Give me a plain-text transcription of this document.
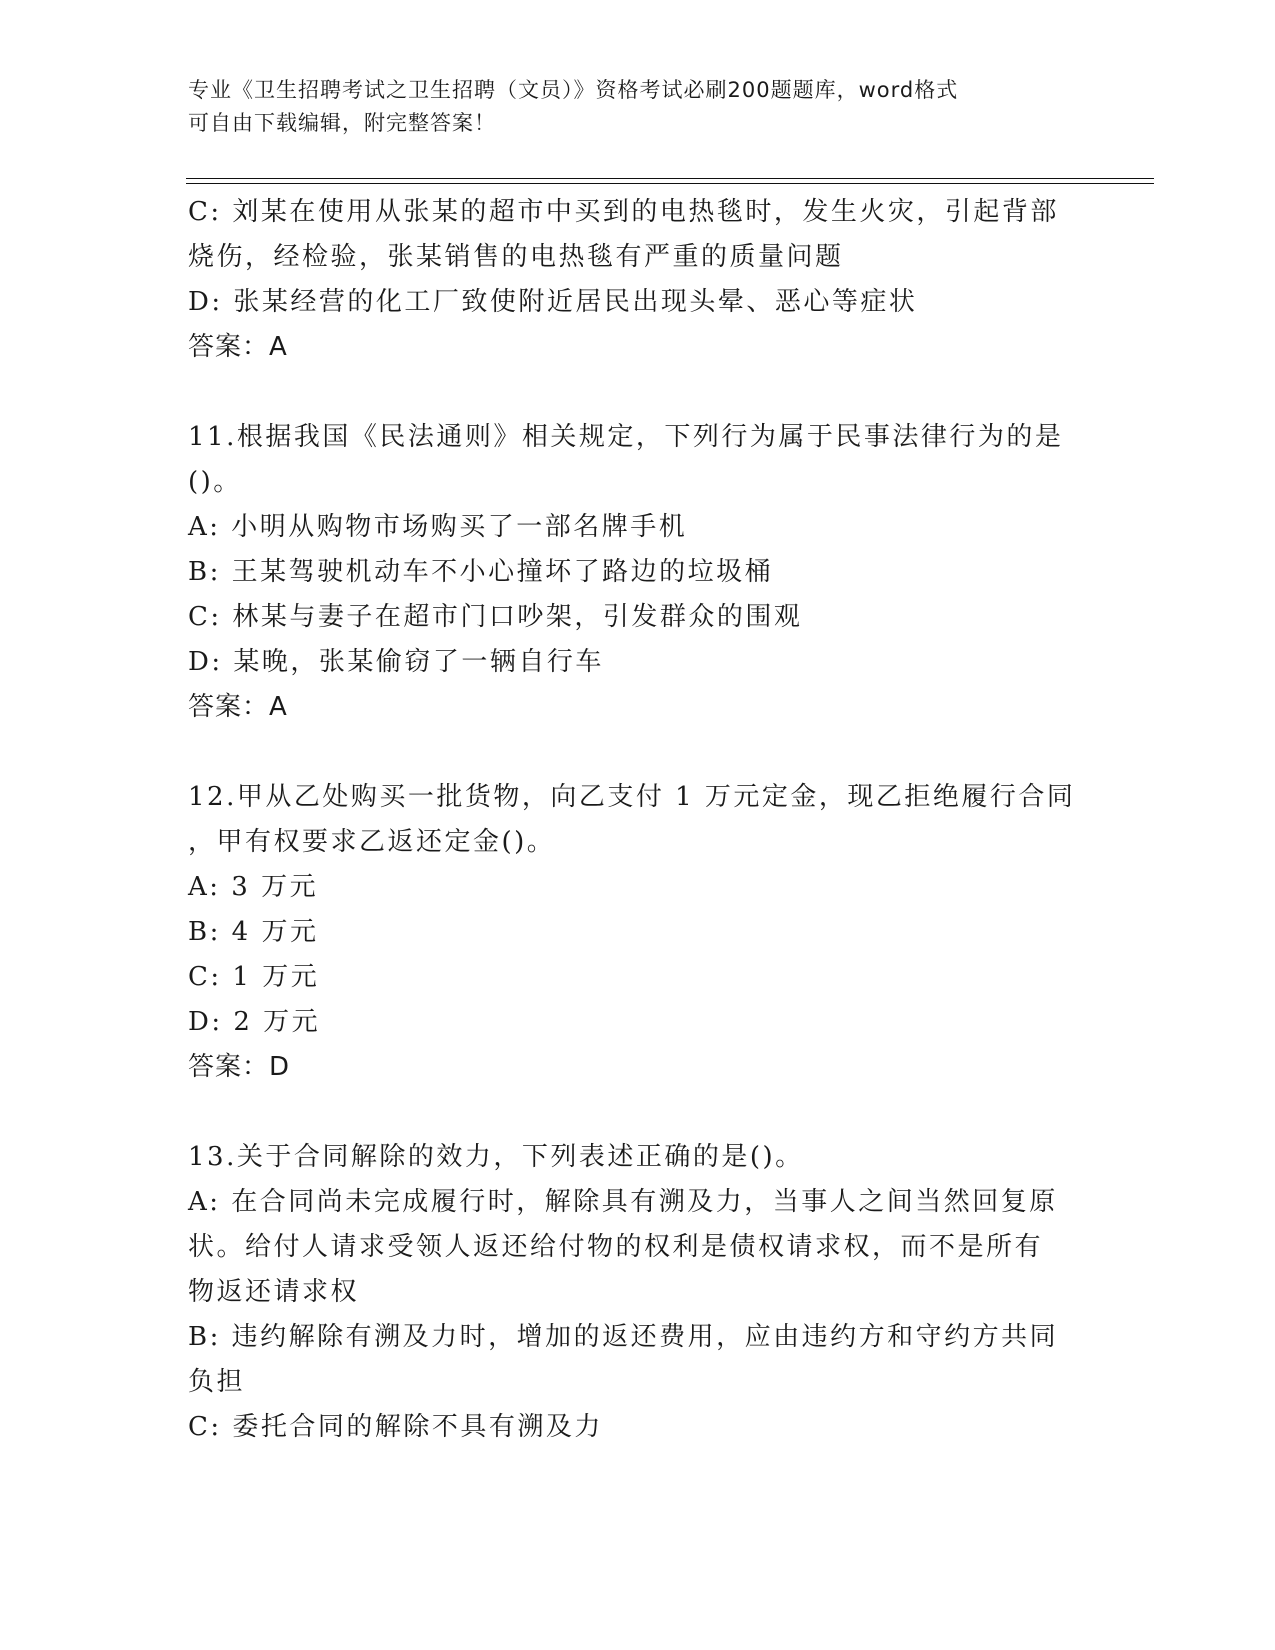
专业《卫生招聘考试之卫生招聘（文员）》资格考试必刷200题题库，word格式
可自由下载编辑，附完整答案！
C: 刘某在使用从张某的超市中买到的电热毯时，发生火灾，引起背部
烧伤，经检验，张某销售的电热毯有严重的质量问题
D: 张某经营的化工厂致使附近居民出现头晕、恶心等症状
答案：A
11.根据我国《民法通则》相关规定，下列行为属于民事法律行为的是
()。
A: 小明从购物市场购买了一部名牌手机
B: 王某驾驶机动车不小心撞坏了路边的垃圾桶
C: 林某与妻子在超市门口吵架，引发群众的围观
D: 某晚，张某偷窃了一辆自行车
答案：A
12.甲从乙处购买一批货物，向乙支付 1 万元定金，现乙拒绝履行合同
，甲有权要求乙返还定金()。
A: 3 万元
B: 4 万元
C: 1 万元
D: 2 万元
答案：D
13.关于合同解除的效力，下列表述正确的是()。
A: 在合同尚未完成履行时，解除具有溯及力，当事人之间当然回复原
状。给付人请求受领人返还给付物的权利是债权请求权，而不是所有
物返还请求权
B: 违约解除有溯及力时，增加的返还费用，应由违约方和守约方共同
负担
C: 委托合同的解除不具有溯及力
